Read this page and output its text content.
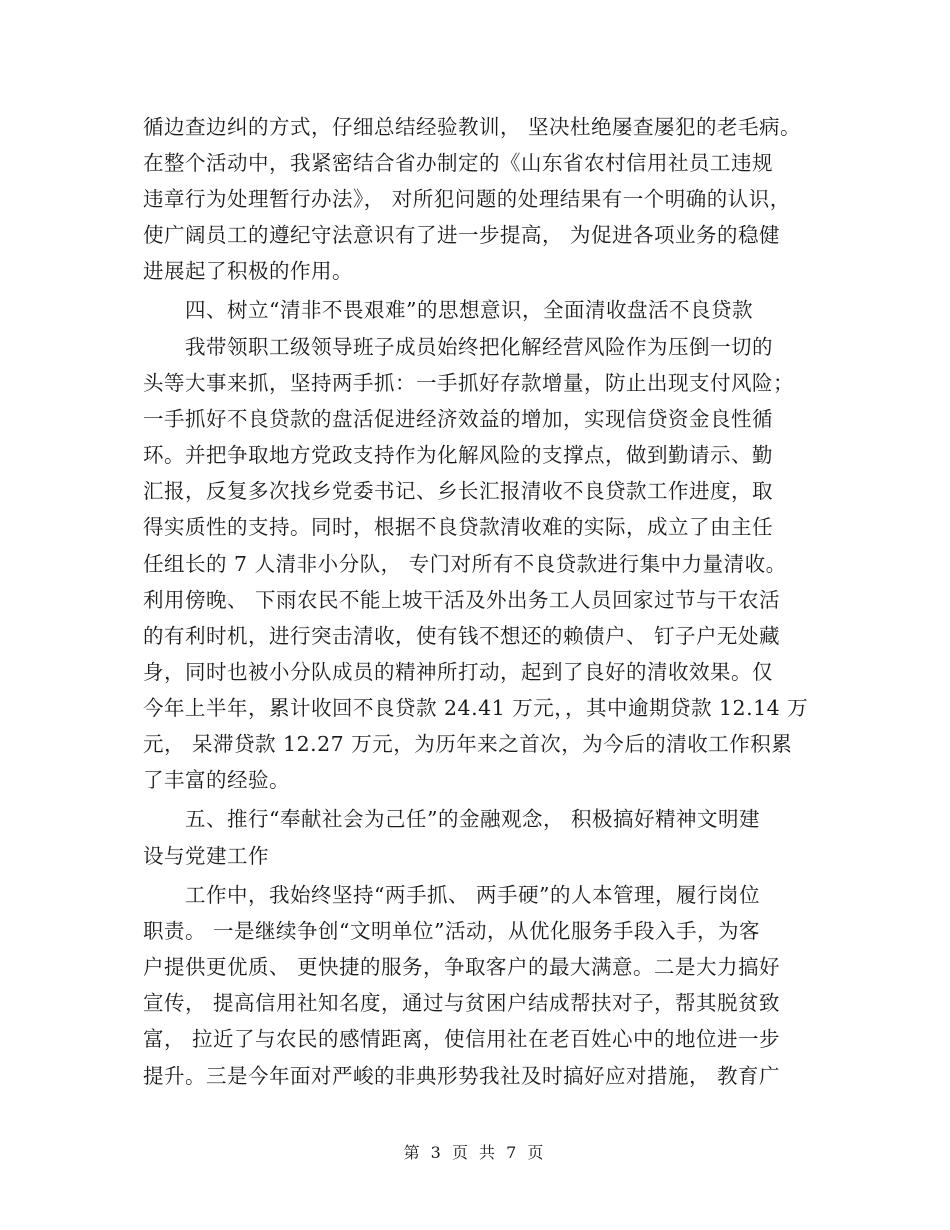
循边查边纠的方式，仔细总结经验教训， 坚决杜绝屡查屡犯的老毛病。
在整个活动中，我紧密结合省办制定的《山东省农村信用社员工违规
违章行为处理暂行办法》， 对所犯问题的处理结果有一个明确的认识，
使广阔员工的遵纪守法意识有了进一步提高， 为促进各项业务的稳健
进展起了积极的作用。
四、树立“清非不畏艰难”的思想意识，全面清收盘活不良贷款
我带领职工级领导班子成员始终把化解经营风险作为压倒一切的
头等大事来抓，坚持两手抓：一手抓好存款增量，防止出现支付风险；
一手抓好不良贷款的盘活促进经济效益的增加，实现信贷资金良性循
环。并把争取地方党政支持作为化解风险的支撑点，做到勤请示、勤
汇报，反复多次找乡党委书记、乡长汇报清收不良贷款工作进度，取
得实质性的支持。同时，根据不良贷款清收难的实际，成立了由主任
任组长的 7 人清非小分队， 专门对所有不良贷款进行集中力量清收。
利用傍晚、 下雨农民不能上坡干活及外出务工人员回家过节与干农活
的有利时机，进行突击清收，使有钱不想还的赖债户、 钉子户无处藏
身，同时也被小分队成员的精神所打动，起到了良好的清收效果。仅
今年上半年，累计收回不良贷款 24.41 万元，，其中逾期贷款 12.14 万
元， 呆滞贷款 12.27 万元，为历年来之首次，为今后的清收工作积累
了丰富的经验。
五、推行“奉献社会为己任”的金融观念， 积极搞好精神文明建
设与党建工作
工作中，我始终坚持“两手抓、 两手硬”的人本管理，履行岗位
职责。 一是继续争创“文明单位”活动，从优化服务手段入手，为客
户提供更优质、 更快捷的服务，争取客户的最大满意。二是大力搞好
宣传， 提高信用社知名度，通过与贫困户结成帮扶对子，帮其脱贫致
富， 拉近了与农民的感情距离，使信用社在老百姓心中的地位进一步
提升。三是今年面对严峻的非典形势我社及时搞好应对措施， 教育广
第 3 页 共 7 页
